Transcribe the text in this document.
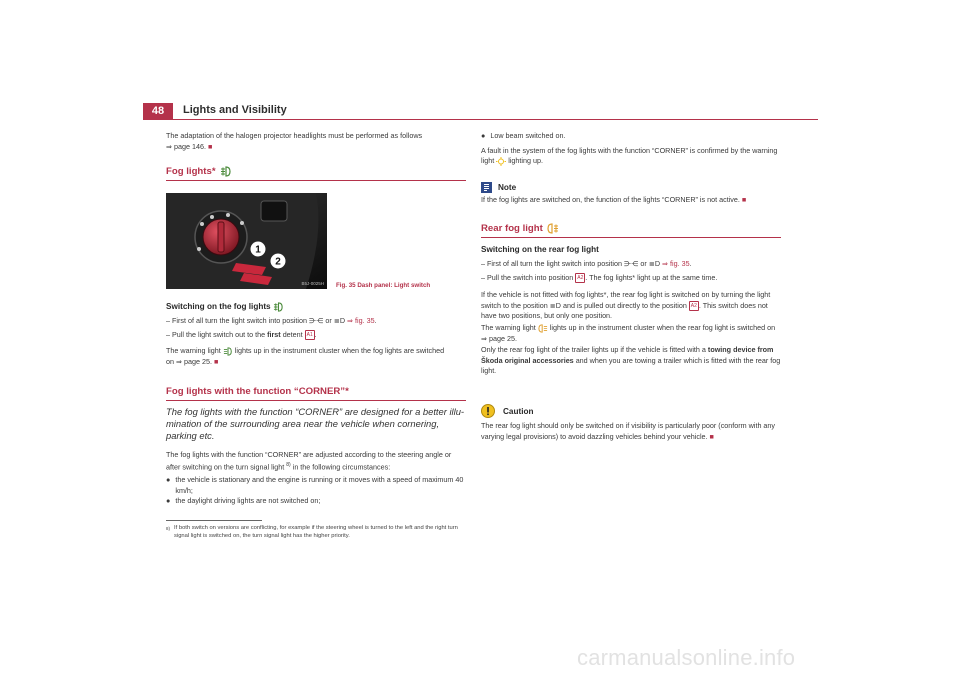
48	Lights and Visibility

The adaptation of the halogen projector headlights must be performed as follows

⇒ page 146. ■

Fog lights*
1
2
B5J-0025H Fig. 35 Dash panel: Light switch

Switching on the fog lights

– First of all turn the light switch into position ⋺⋲ or ≣D ⇒ fig. 35.

– Pull the light switch out to the first detent A1 .

The warning light lights up in the instrument cluster when the fog lights are switched

on ⇒ page 25. ■

Fog lights with the function “CORNER”*

The fog lights with the function “CORNER” are designed for a better illu-mination of the surrounding area near the vehicle when cornering, parking etc.

The fog lights with the function “CORNER” are adjusted according to the steering angle or after switching on the turn signal light $^{8)}$ in the following circumstances:

● the vehicle is stationary and the engine is running or it moves with a speed of maximum 40 km/h;
● the daylight driving lights are not switched on;
8) If both switch on versions are conflicting, for example if the steering wheel is turned to the left and the right turn signal light is switched on, the turn signal light has the higher priority.
● Low beam switched on.

A fault in the system of the fog lights with the function “CORNER” is confirmed by the warning light lighting up.

Note

If the fog lights are switched on, the function of the lights “CORNER” is not active. ■

Rear fog light

Switching on the rear fog light

– First of all turn the light switch into position ⋺⋲ or ≣D ⇒ fig. 35.

– Pull the switch into position A2 . The fog lights* light up at the same time.

If the vehicle is not fitted with fog lights*, the rear fog light is switched on by turning the light switch to the position ≣D and is pulled out directly to the position A2 . This switch does not have two positions, but only one position.

The warning light lights up in the instrument cluster when the rear fog light is switched on ⇒ page 25.

Only the rear fog light of the trailer lights up if the vehicle is fitted with a towing device from Škoda original accessories and when you are towing a trailer which is fitted with the rear fog light.

Caution

The rear fog light should only be switched on if visibility is particularly poor (conform with any varying legal provisions) to avoid dazzling vehicles behind your vehicle. ■

carmanualsonline.info
